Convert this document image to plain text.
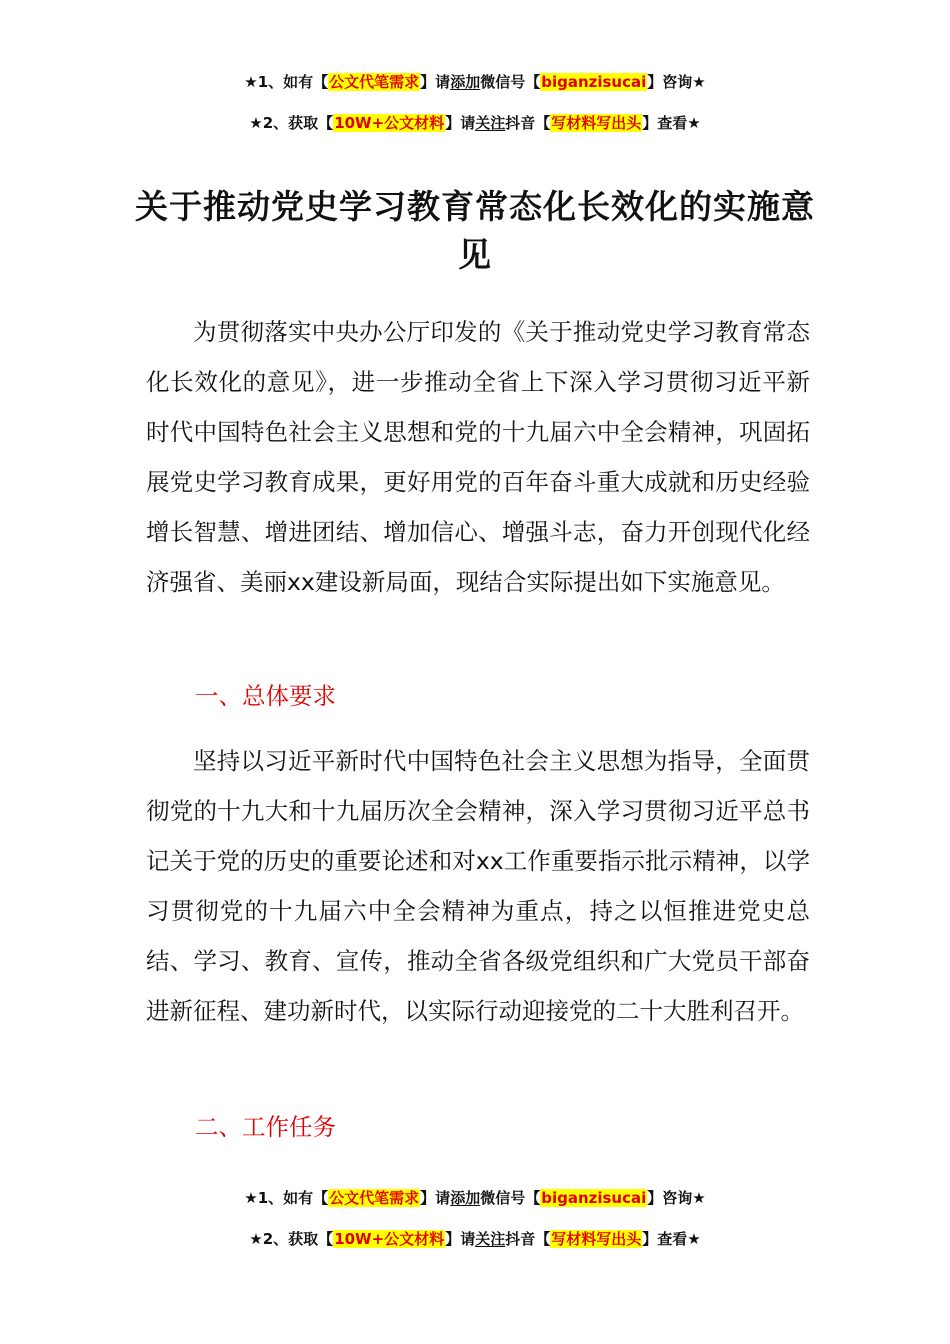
★1、如有【公文代笔需求】请添加微信号【biganzisucai】咨询★
★2、获取【10W+公文材料】请关注抖音【写材料写出头】查看★
关于推动党史学习教育常态化长效化的实施意见

为贯彻落实中央办公厅印发的《关于推动党史学习教育常态化长效化的意见》，进一步推动全省上下深入学习贯彻习近平新时代中国特色社会主义思想和党的十九届六中全会精神，巩固拓展党史学习教育成果，更好用党的百年奋斗重大成就和历史经验增长智慧、增进团结、增加信心、增强斗志，奋力开创现代化经济强省、美丽xx建设新局面，现结合实际提出如下实施意见。

一、总体要求

坚持以习近平新时代中国特色社会主义思想为指导，全面贯彻党的十九大和十九届历次全会精神，深入学习贯彻习近平总书记关于党的历史的重要论述和对xx工作重要指示批示精神，以学习贯彻党的十九届六中全会精神为重点，持之以恒推进党史总结、学习、教育、宣传，推动全省各级党组织和广大党员干部奋进新征程、建功新时代，以实际行动迎接党的二十大胜利召开。

二、工作任务

★1、如有【公文代笔需求】请添加微信号【biganzisucai】咨询★
★2、获取【10W+公文材料】请关注抖音【写材料写出头】查看★
